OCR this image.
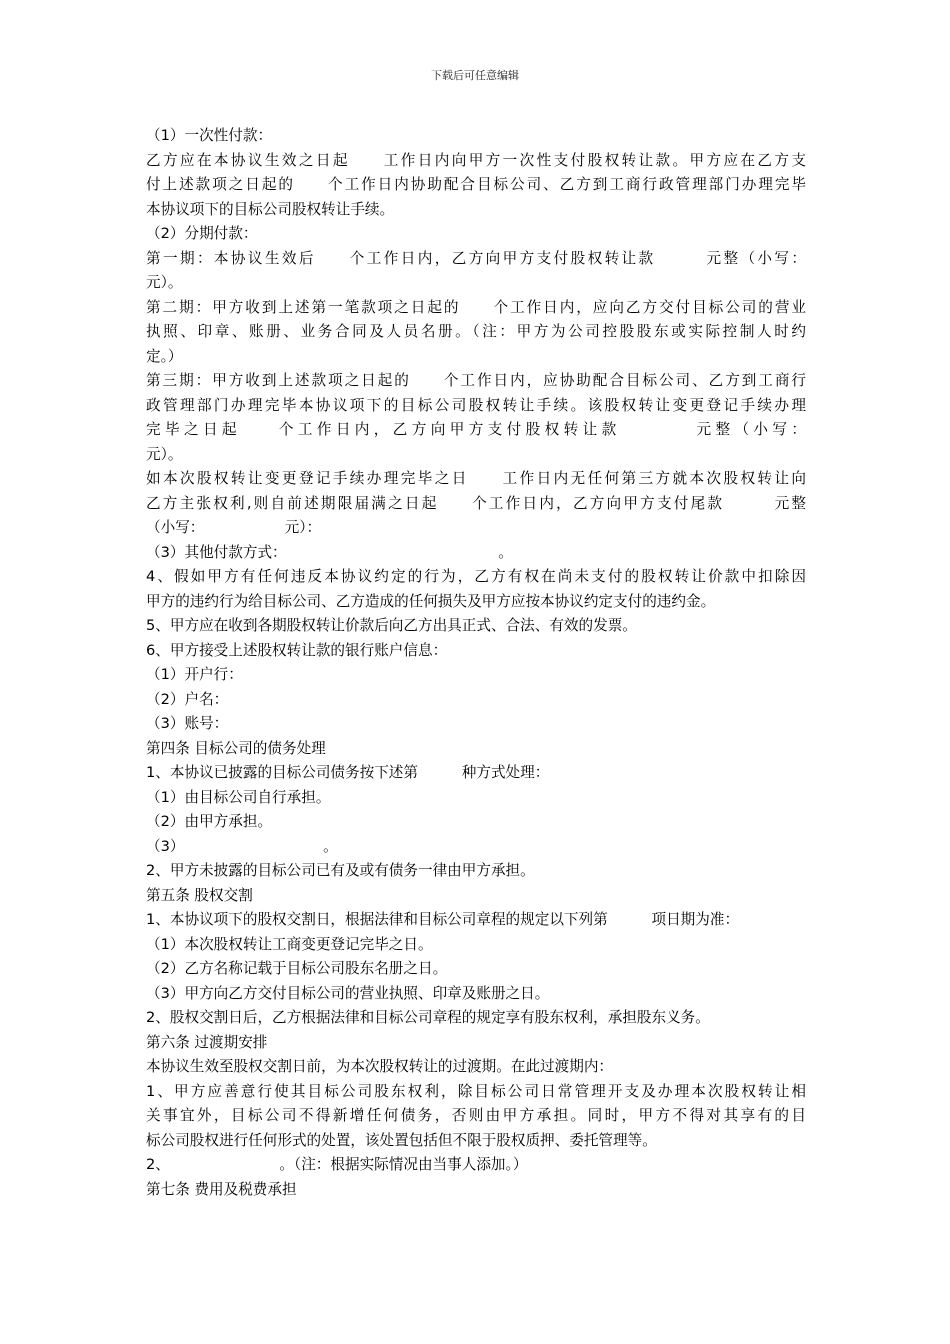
下载后可任意编辑
（1）一次性付款：
乙方应在本协议生效之日起　　工作日内向甲方一次性支付股权转让款。甲方应在乙方支
付上述款项之日起的　　个工作日内协助配合目标公司、乙方到工商行政管理部门办理完毕
本协议项下的目标公司股权转让手续。
（2）分期付款：
第一期：本协议生效后　　个工作日内，乙方向甲方支付股权转让款　　　元整（小写：
元）。
第二期：甲方收到上述第一笔款项之日起的　　个工作日内，应向乙方交付目标公司的营业
执照、印章、账册、业务合同及人员名册。（注：甲方为公司控股股东或实际控制人时约
定。）
第三期：甲方收到上述款项之日起的　　个工作日内，应协助配合目标公司、乙方到工商行
政管理部门办理完毕本协议项下的目标公司股权转让手续。该股权转让变更登记手续办理
完毕之日起　　个工作日内，乙方向甲方支付股权转让款　　　　元整（小写：
元）。
如本次股权转让变更登记手续办理完毕之日　　工作日内无任何第三方就本次股权转让向
乙方主张权利,则自前述期限届满之日起　　个工作日内，乙方向甲方支付尾款　　　元整
（小写：　　　　　　元）：
（3）其他付款方式：　　　　　　　　　　　　　　　。
4、假如甲方有任何违反本协议约定的行为，乙方有权在尚未支付的股权转让价款中扣除因
甲方的违约行为给目标公司、乙方造成的任何损失及甲方应按本协议约定支付的违约金。
5、甲方应在收到各期股权转让价款后向乙方出具正式、合法、有效的发票。
6、甲方接受上述股权转让款的银行账户信息：
（1）开户行：
（2）户名：
（3）账号：
第四条 目标公司的债务处理
1、本协议已披露的目标公司债务按下述第　　　种方式处理：
（1）由目标公司自行承担。
（2）由甲方承担。
（3）　　　　　　　　　　。
2、甲方未披露的目标公司已有及或有债务一律由甲方承担。
第五条 股权交割
1、本协议项下的股权交割日，根据法律和目标公司章程的规定以下列第　　　项日期为准：
（1）本次股权转让工商变更登记完毕之日。
（2）乙方名称记载于目标公司股东名册之日。
（3）甲方向乙方交付目标公司的营业执照、印章及账册之日。
2、股权交割日后，乙方根据法律和目标公司章程的规定享有股东权利，承担股东义务。
第六条 过渡期安排
本协议生效至股权交割日前，为本次股权转让的过渡期。在此过渡期内：
1、甲方应善意行使其目标公司股东权利，除目标公司日常管理开支及办理本次股权转让相
关事宜外，目标公司不得新增任何债务，否则由甲方承担。同时，甲方不得对其享有的目
标公司股权进行任何形式的处置，该处置包括但不限于股权质押、委托管理等。
2、　　　　　　　　。（注：根据实际情况由当事人添加。）
第七条 费用及税费承担
